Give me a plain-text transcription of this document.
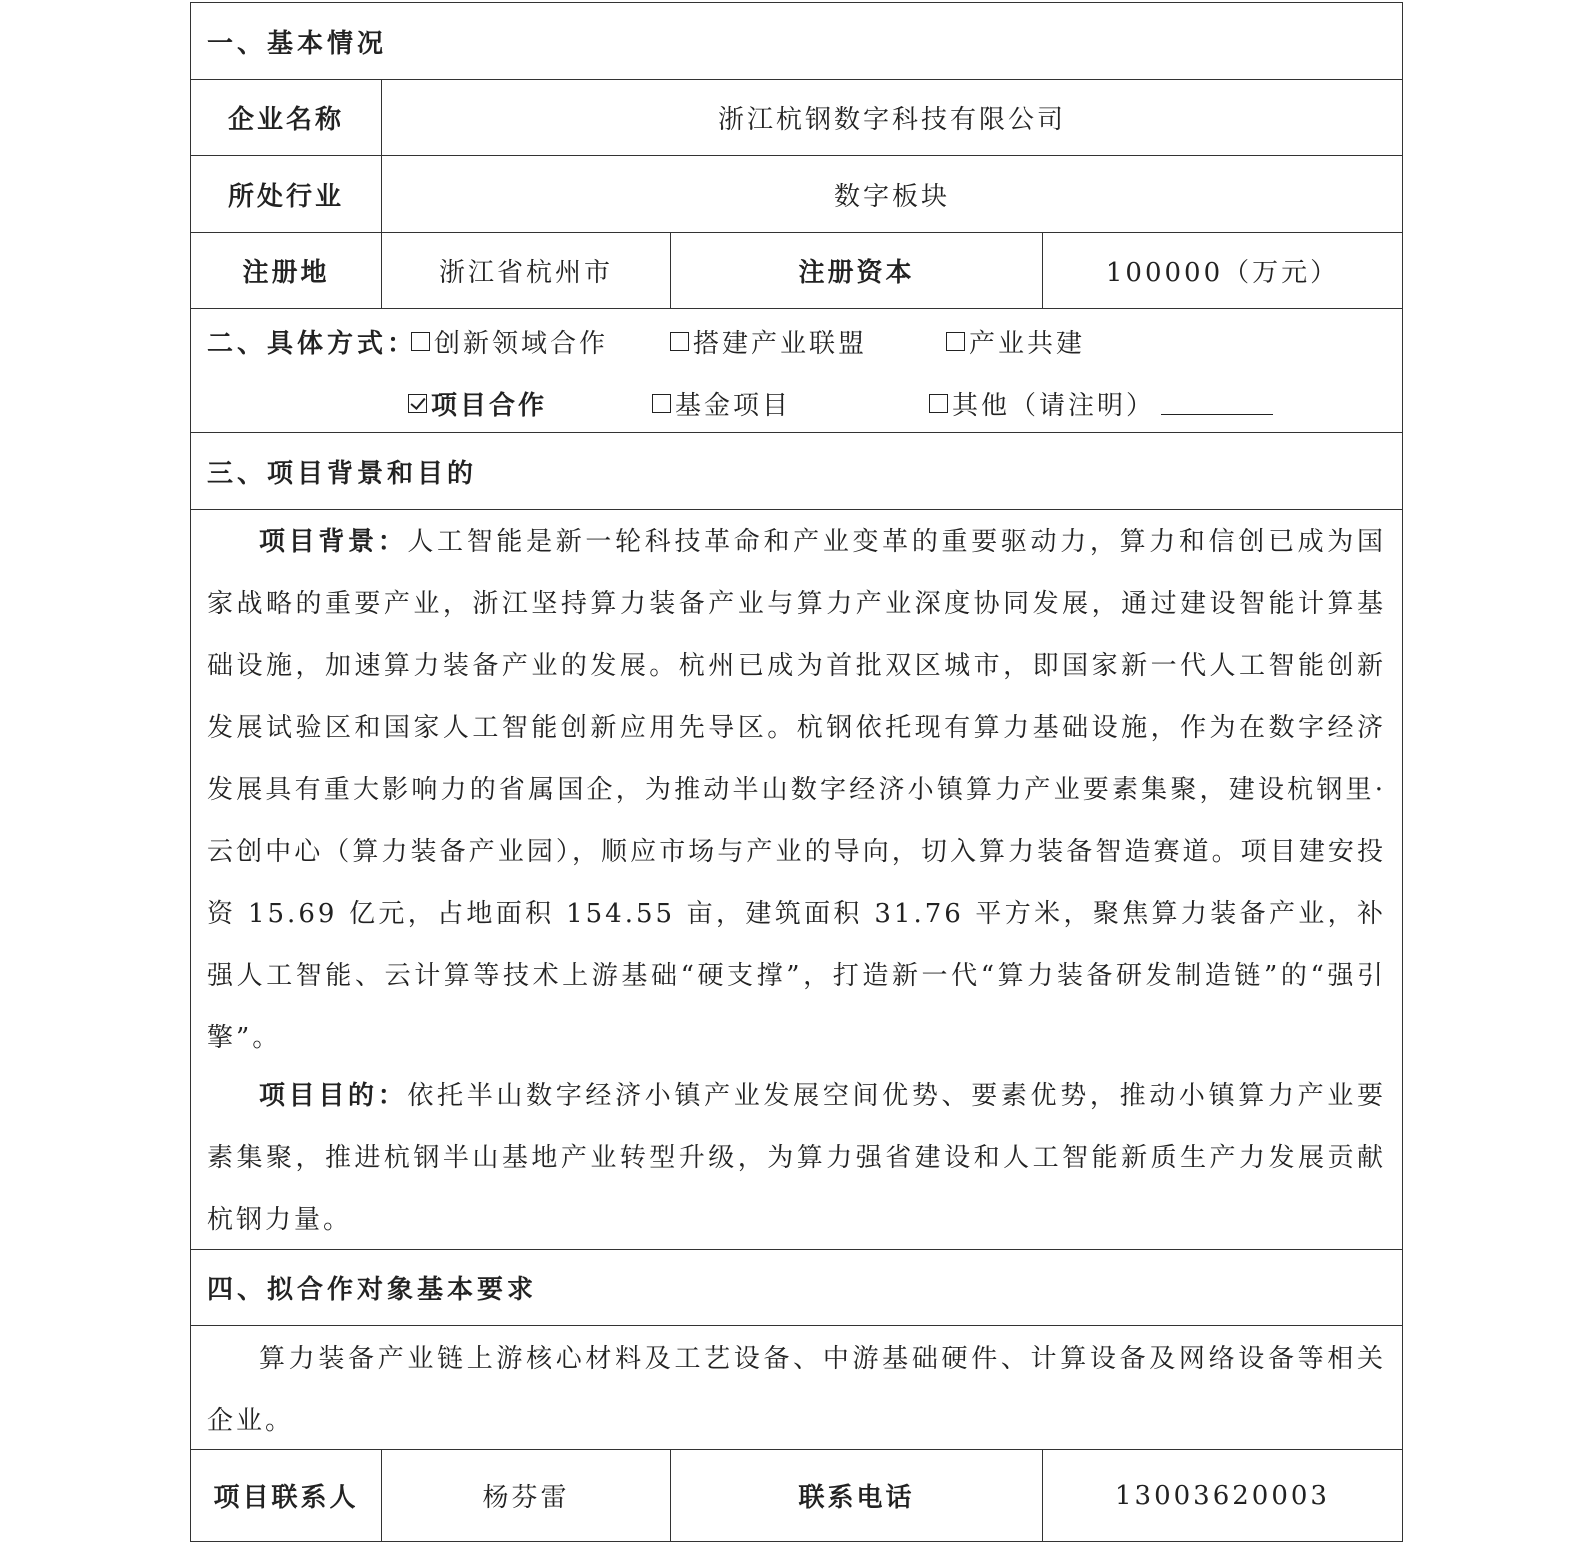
一、基本情况
企业名称	浙江杭钢数字科技有限公司
所处行业	数字板块
注册地	浙江省杭州市	注册资本	100000（万元）
二、具体方式： 创新领域合作	搭建产业联盟	产业共建
项目合作	基金项目	其他（请注明）
三、项目背景和目的

项目背景：人工智能是新一轮科技革命和产业变革的重要驱动力，算力和信创已成为国家战略的重要产业，浙江坚持算力装备产业与算力产业深度协同发展，通过建设智能计算基础设施，加速算力装备产业的发展。杭州已成为首批双区城市，即国家新一代人工智能创新发展试验区和国家人工智能创新应用先导区。杭钢依托现有算力基础设施，作为在数字经济发展具有重大影响力的省属国企，为推动半山数字经济小镇算力产业要素集聚，建设杭钢里·云创中心（算力装备产业园），顺应市场与产业的导向，切入算力装备智造赛道。项目建安投资 15.69 亿元，占地面积 154.55 亩，建筑面积 31.76 平方米，聚焦算力装备产业，补强人工智能、云计算等技术上游基础“硬支撑”，打造新一代“算力装备研发制造链”的“强引擎”。

项目目的：依托半山数字经济小镇产业发展空间优势、要素优势，推动小镇算力产业要素集聚，推进杭钢半山基地产业转型升级，为算力强省建设和人工智能新质生产力发展贡献杭钢力量。

四、拟合作对象基本要求

算力装备产业链上游核心材料及工艺设备、中游基础硬件、计算设备及网络设备等相关企业。

项目联系人	杨芬雷	联系电话	13003620003
